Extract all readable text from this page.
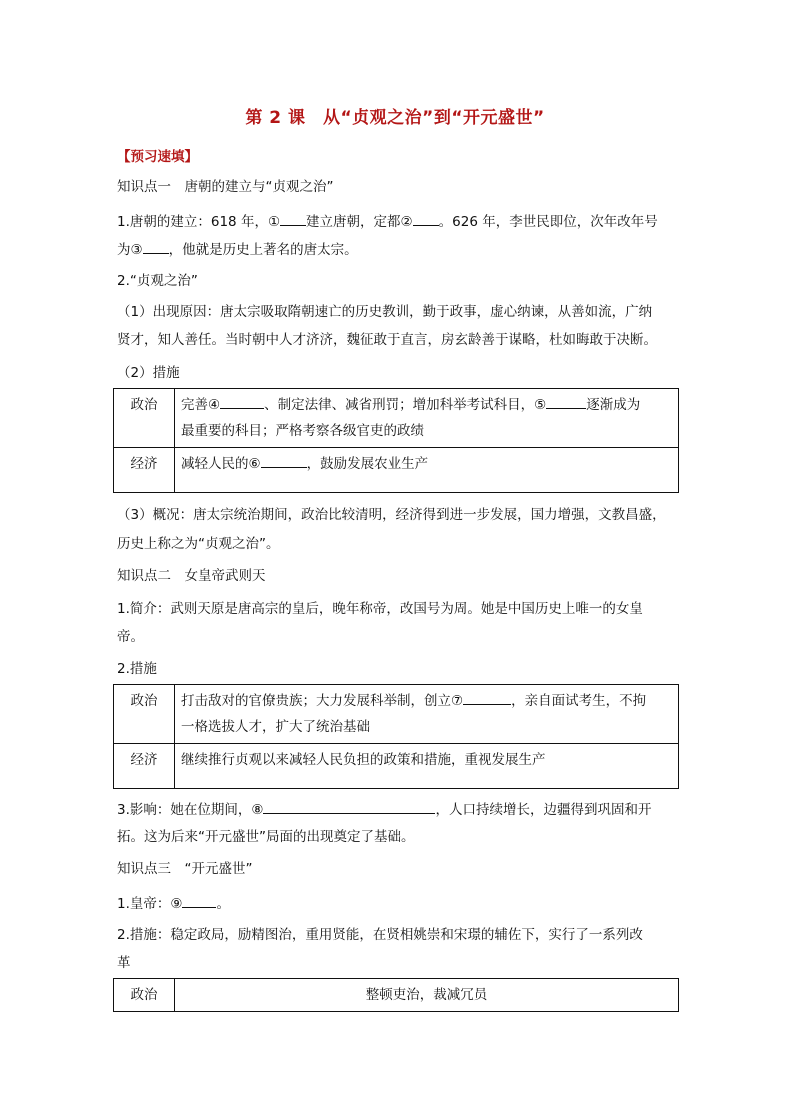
第 2 课　从“贞观之治”到“开元盛世”
【预习速填】
知识点一　唐朝的建立与“贞观之治”
1.唐朝的建立：618 年，① 建立唐朝，定都② 。626 年，李世民即位，次年改年号
为③ ，他就是历史上著名的唐太宗。
2.“贞观之治”
（1）出现原因：唐太宗吸取隋朝速亡的历史教训，勤于政事，虚心纳谏，从善如流，广纳
贤才，知人善任。当时朝中人才济济，魏征敢于直言，房玄龄善于谋略，杜如晦敢于决断。
（2）措施
政治	完善④ 、制定法律、减省刑罚；增加科举考试科目，⑤ 逐渐成为
最重要的科目；严格考察各级官吏的政绩

经济	减轻人民的⑥ ，鼓励发展农业生产
（3）概况：唐太宗统治期间，政治比较清明，经济得到进一步发展，国力增强，文教昌盛，
历史上称之为“贞观之治”。
知识点二　女皇帝武则天
1.简介：武则天原是唐高宗的皇后，晚年称帝，改国号为周。她是中国历史上唯一的女皇
帝。
2.措施
政治	打击敌对的官僚贵族；大力发展科举制，创立⑦ ，亲自面试考生，不拘
一格选拔人才，扩大了统治基础

经济	继续推行贞观以来减轻人民负担的政策和措施，重视发展生产
3.影响：她在位期间，⑧	，人口持续增长，边疆得到巩固和开
拓。这为后来“开元盛世”局面的出现奠定了基础。
知识点三　“开元盛世”
1.皇帝：⑨	。
2.措施：稳定政局，励精图治，重用贤能，在贤相姚崇和宋璟的辅佐下，实行了一系列改
革
政治	整顿吏治，裁减冗员
